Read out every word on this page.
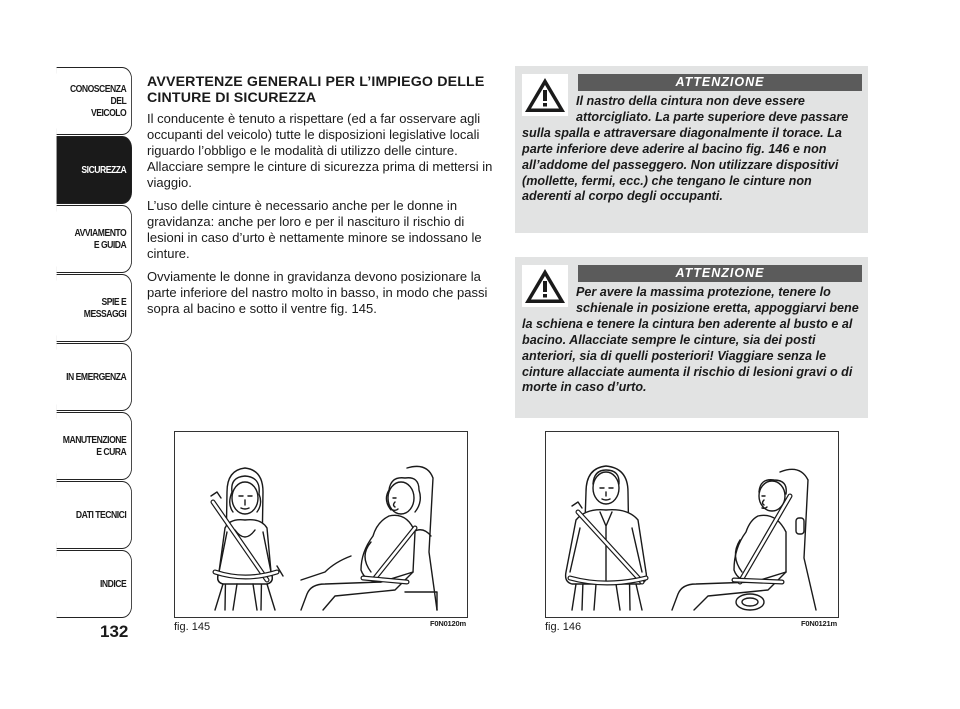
CONOSCENZA
DEL
VEICOLO
SICUREZZA
AVVIAMENTO
E GUIDA
SPIE E
MESSAGGI
IN EMERGENZA
MANUTENZIONE
E CURA
DATI TECNICI
INDICE
132
AVVERTENZE GENERALI PER L’IMPIEGO DELLE CINTURE DI SICUREZZA

Il conducente è tenuto a rispettare (ed a far osservare agli occupanti del veicolo) tutte le disposizioni legislative locali riguardo l’obbligo e le modalità di utilizzo delle cinture. Allacciare sempre le cinture di sicurezza prima di mettersi in viaggio.

L’uso delle cinture è necessario anche per le donne in gravidanza: anche per loro e per il nascituro il rischio di lesioni in caso d’urto è nettamente minore se indossano le cinture.

Ovviamente le donne in gravidanza devono posizionare la parte inferiore del nastro molto in basso, in modo che passi sopra al bacino e sotto il ventre fig. 145.

ATTENZIONE
Il nastro della cintura non deve essere attorcigliato. La parte superiore deve passare sulla spalla e attraversare diagonalmente il torace. La parte inferiore deve aderire al bacino fig. 146 e non all’addome del passeggero. Non utilizzare dispositivi (mollette, fermi, ecc.) che tengano le cinture non aderenti al corpo degli occupanti.
ATTENZIONE
Per avere la massima protezione, tenere lo schienale in posizione eretta, appoggiarvi bene la schiena e tenere la cintura ben aderente al busto e al bacino. Allacciate sempre le cinture, sia dei posti anteriori, sia di quelli posteriori! Viaggiare senza le cinture allacciate aumenta il rischio di lesioni gravi o di morte in caso d’urto.
fig. 145	F0N0120m	fig. 146	F0N0121m
